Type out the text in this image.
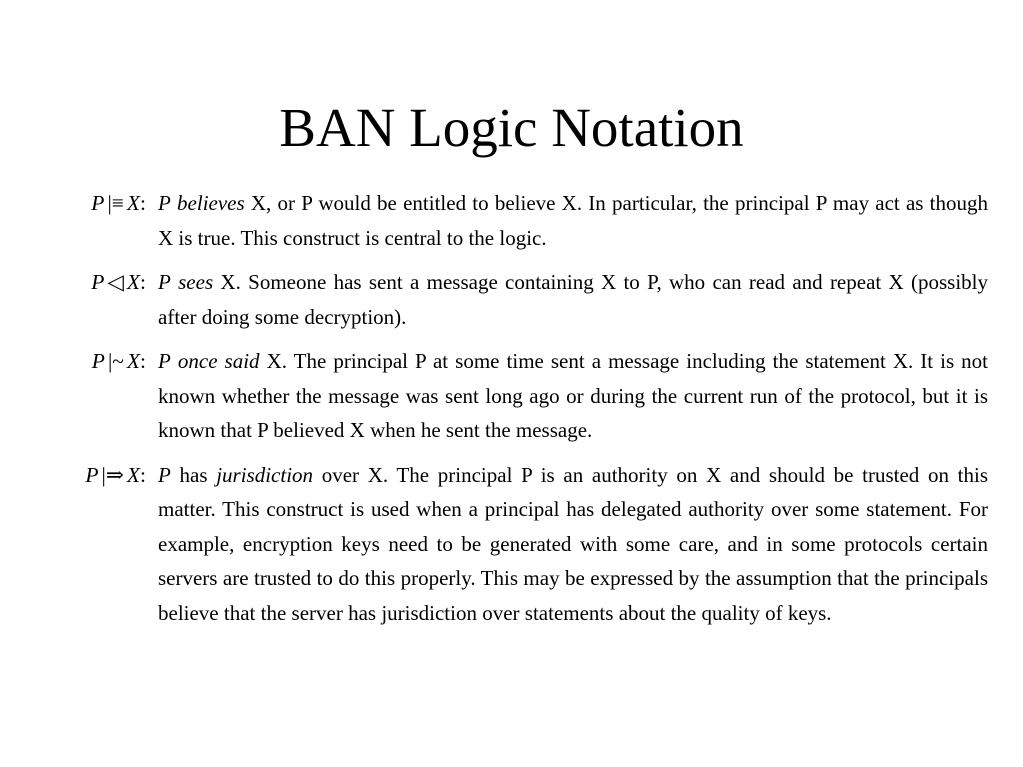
BAN Logic Notation
P |≡ X: P believes X, or P would be entitled to believe X. In particular, the principal P may act as though X is true. This construct is central to the logic.
P ◁ X: P sees X. Someone has sent a message containing X to P, who can read and repeat X (possibly after doing some decryption).
P |~ X: P once said X. The principal P at some time sent a message including the statement X. It is not known whether the message was sent long ago or during the current run of the protocol, but it is known that P believed X when he sent the message.
P |⇒ X: P has jurisdiction over X. The principal P is an authority on X and should be trusted on this matter. This construct is used when a principal has delegated authority over some statement. For example, encryption keys need to be generated with some care, and in some protocols certain servers are trusted to do this properly. This may be expressed by the assumption that the principals believe that the server has jurisdiction over statements about the quality of keys.
